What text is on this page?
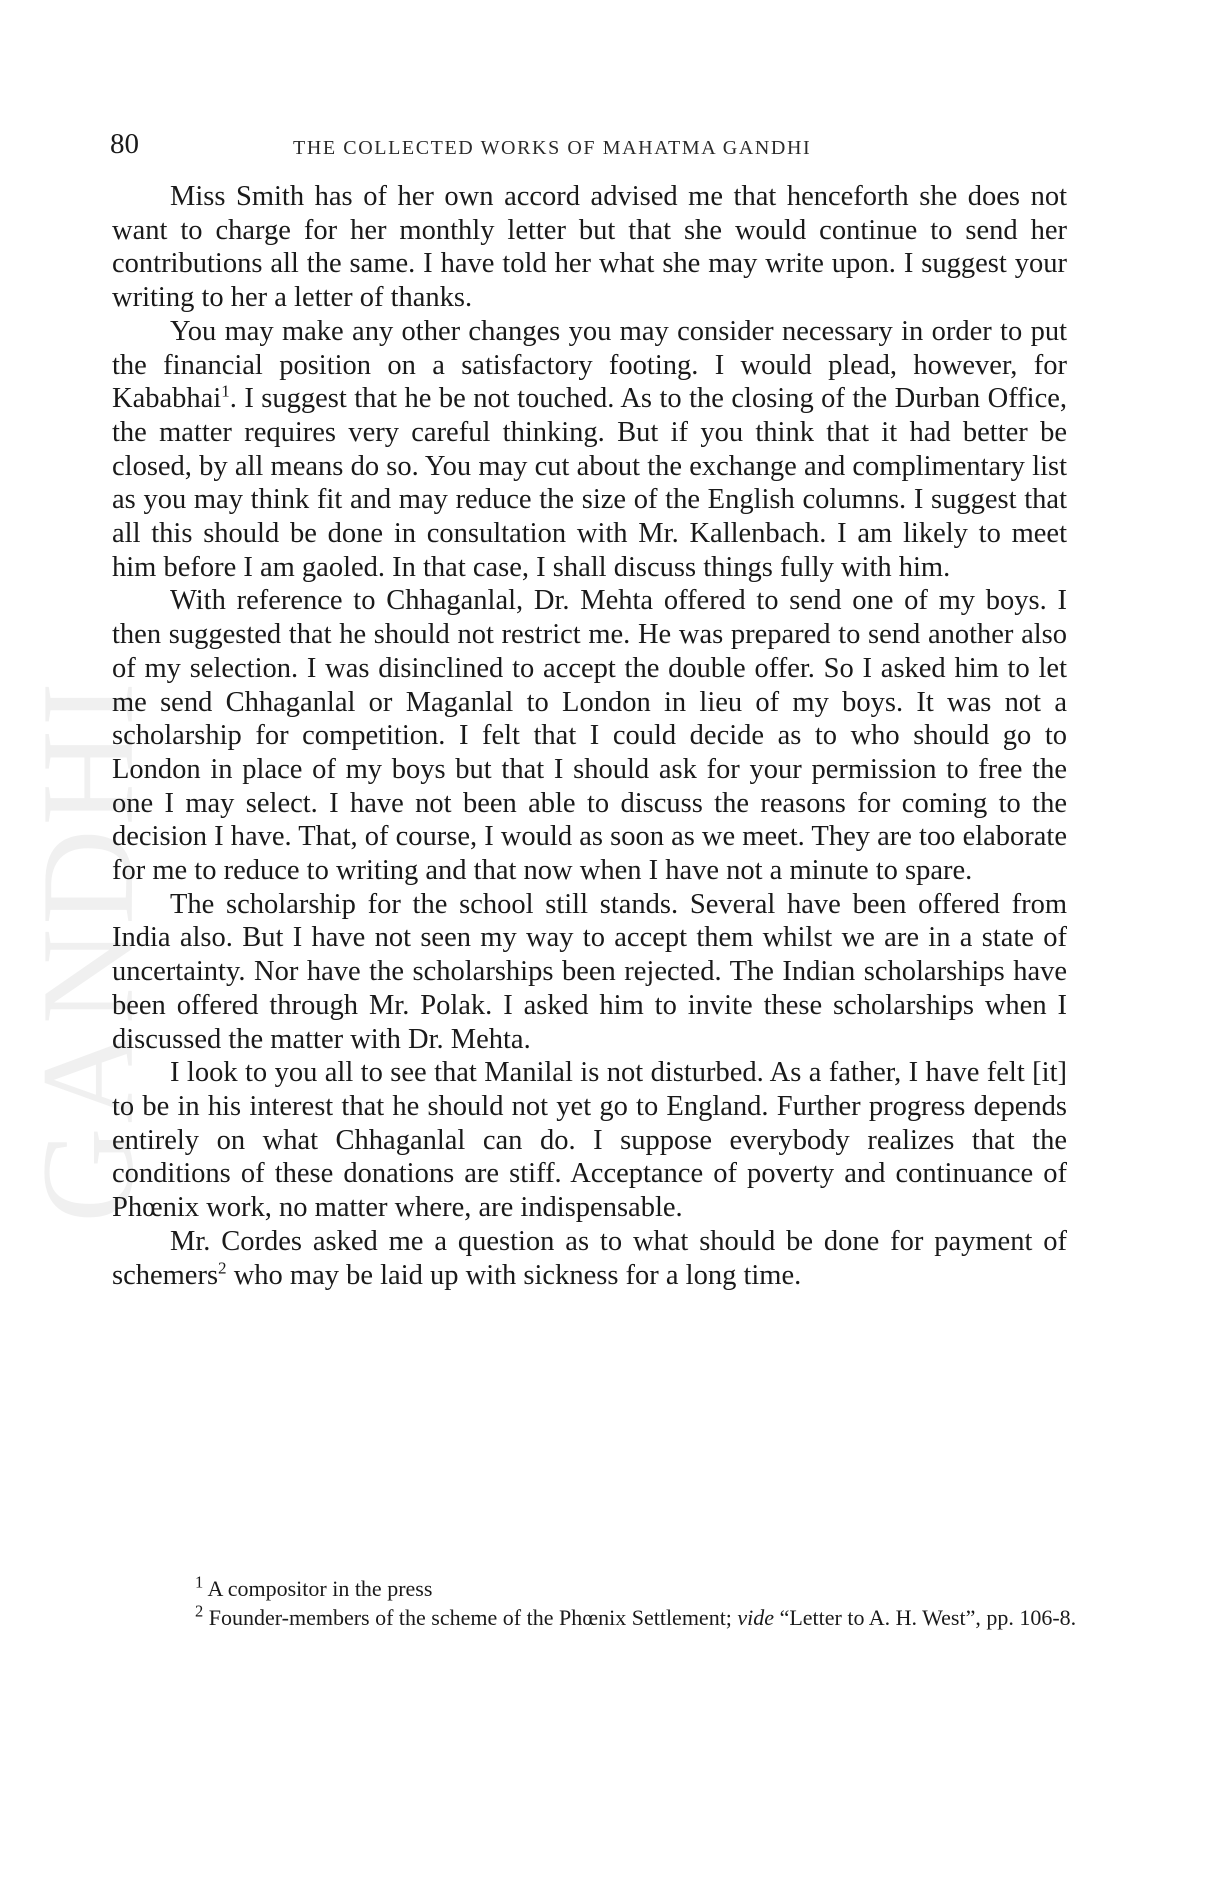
GANDHI
80	THE COLLECTED WORKS OF MAHATMA GANDHI

Miss Smith has of her own accord advised me that henceforth she does not want to charge for her monthly letter but that she would continue to send her contributions all the same. I have told her what she may write upon. I suggest your writing to her a letter of thanks.

You may make any other changes you may consider necessary in order to put the financial position on a satisfactory footing. I would plead, however, for Kababhai$^1$. I suggest that he be not touched. As to the closing of the Durban Office, the matter requires very careful thinking. But if you think that it had better be closed, by all means do so. You may cut about the exchange and complimentary list as you may think fit and may reduce the size of the English columns. I suggest that all this should be done in consultation with Mr. Kallenbach. I am likely to meet him before I am gaoled. In that case, I shall discuss things fully with him.

With reference to Chhaganlal, Dr. Mehta offered to send one of my boys. I then suggested that he should not restrict me. He was prepared to send another also of my selection. I was disinclined to accept the double offer. So I asked him to let me send Chhaganlal or Maganlal to London in lieu of my boys. It was not a scholarship for competition. I felt that I could decide as to who should go to London in place of my boys but that I should ask for your permission to free the one I may select. I have not been able to discuss the reasons for coming to the decision I have. That, of course, I would as soon as we meet. They are too elaborate for me to reduce to writing and that now when I have not a minute to spare.

The scholarship for the school still stands. Several have been offered from India also. But I have not seen my way to accept them whilst we are in a state of uncertainty. Nor have the scholarships been rejected. The Indian scholarships have been offered through Mr. Polak. I asked him to invite these scholarships when I discussed the matter with Dr. Mehta.

I look to you all to see that Manilal is not disturbed. As a father, I have felt [it] to be in his interest that he should not yet go to England. Further progress depends entirely on what Chhaganlal can do. I suppose everybody realizes that the conditions of these donations are stiff. Acceptance of poverty and continuance of Phœnix work, no matter where, are indispensable.

Mr. Cordes asked me a question as to what should be done for payment of schemers$^2$ who may be laid up with sickness for a long time.

$^1$ A compositor in the press

$^2$ Founder-members of the scheme of the Phœnix Settlement; vide “Letter to A. H. West”, pp. 106-8.
